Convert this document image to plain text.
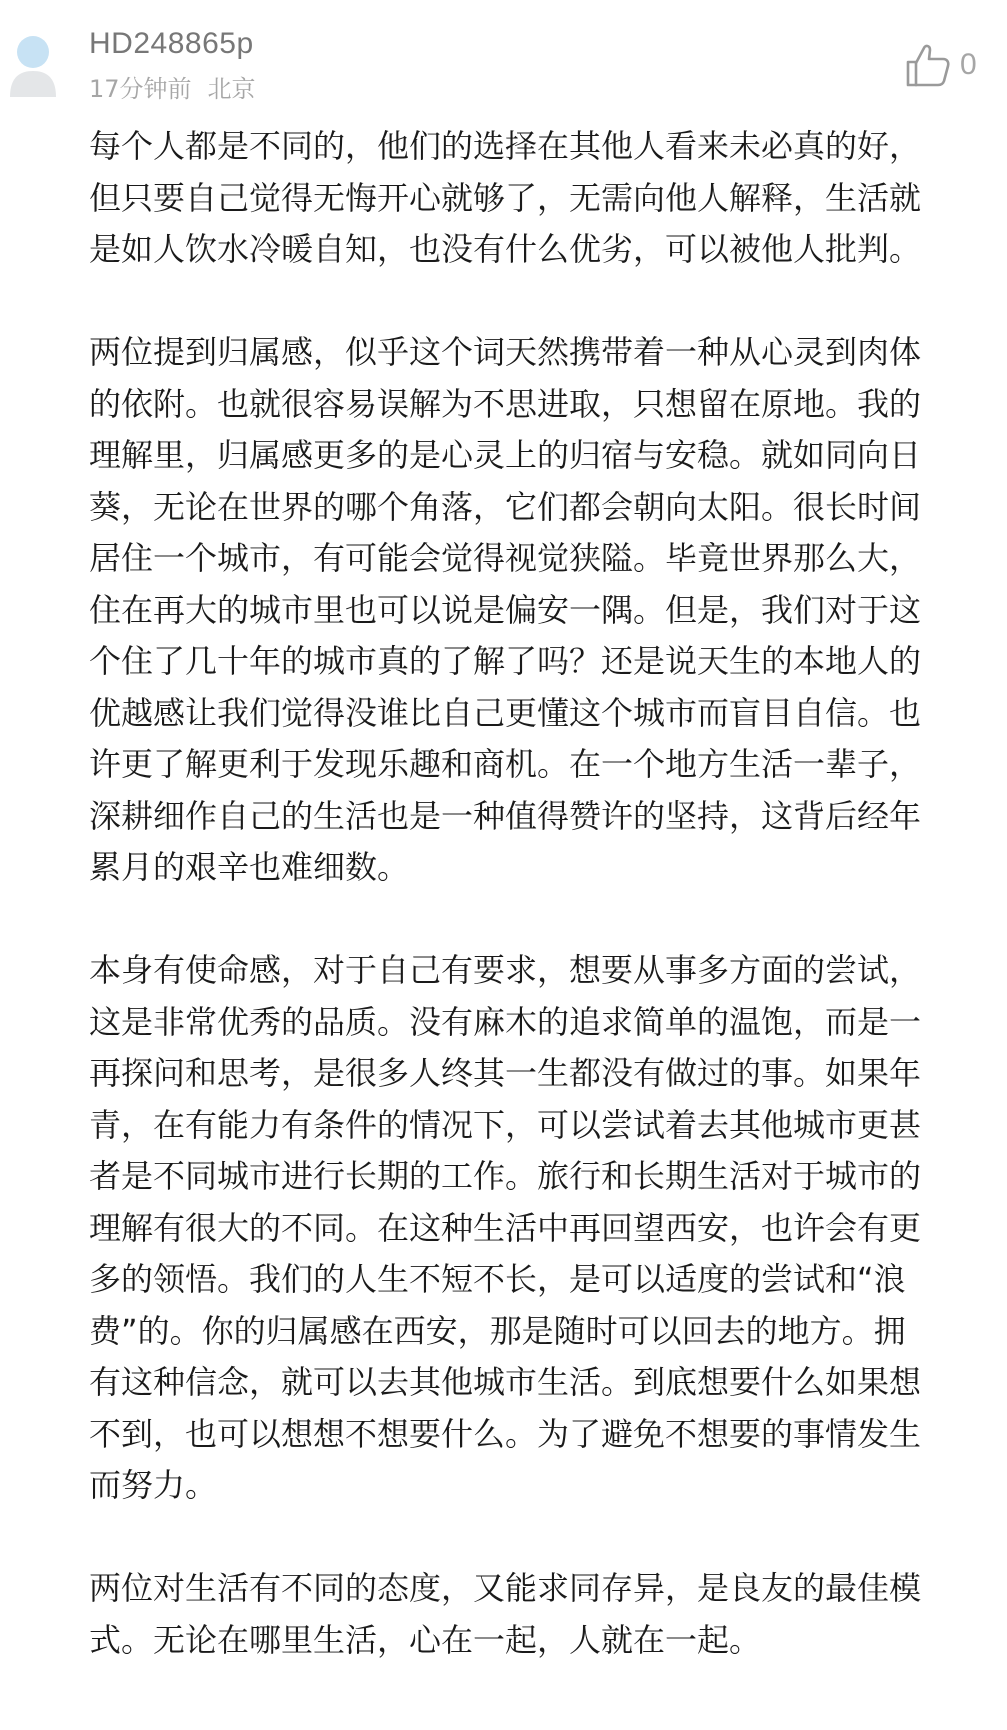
HD248865p
17分钟前 北京
0

每个人都是不同的，他们的选择在其他人看来未必真的好，
但只要自己觉得无悔开心就够了，无需向他人解释，生活就
是如人饮水冷暖自知，也没有什么优劣，可以被他人批判。

两位提到归属感，似乎这个词天然携带着一种从心灵到肉体
的依附。也就很容易误解为不思进取，只想留在原地。我的
理解里，归属感更多的是心灵上的归宿与安稳。就如同向日
葵，无论在世界的哪个角落，它们都会朝向太阳。很长时间
居住一个城市，有可能会觉得视觉狭隘。毕竟世界那么大，
住在再大的城市里也可以说是偏安一隅。但是，我们对于这
个住了几十年的城市真的了解了吗？还是说天生的本地人的
优越感让我们觉得没谁比自己更懂这个城市而盲目自信。也
许更了解更利于发现乐趣和商机。在一个地方生活一辈子，
深耕细作自己的生活也是一种值得赞许的坚持，这背后经年
累月的艰辛也难细数。

本身有使命感，对于自己有要求，想要从事多方面的尝试，
这是非常优秀的品质。没有麻木的追求简单的温饱，而是一
再探问和思考，是很多人终其一生都没有做过的事。如果年
青，在有能力有条件的情况下，可以尝试着去其他城市更甚
者是不同城市进行长期的工作。旅行和长期生活对于城市的
理解有很大的不同。在这种生活中再回望西安，也许会有更
多的领悟。我们的人生不短不长，是可以适度的尝试和“浪
费”的。你的归属感在西安，那是随时可以回去的地方。拥
有这种信念，就可以去其他城市生活。到底想要什么如果想
不到，也可以想想不想要什么。为了避免不想要的事情发生
而努力。

两位对生活有不同的态度，又能求同存异，是良友的最佳模
式。无论在哪里生活，心在一起，人就在一起。
